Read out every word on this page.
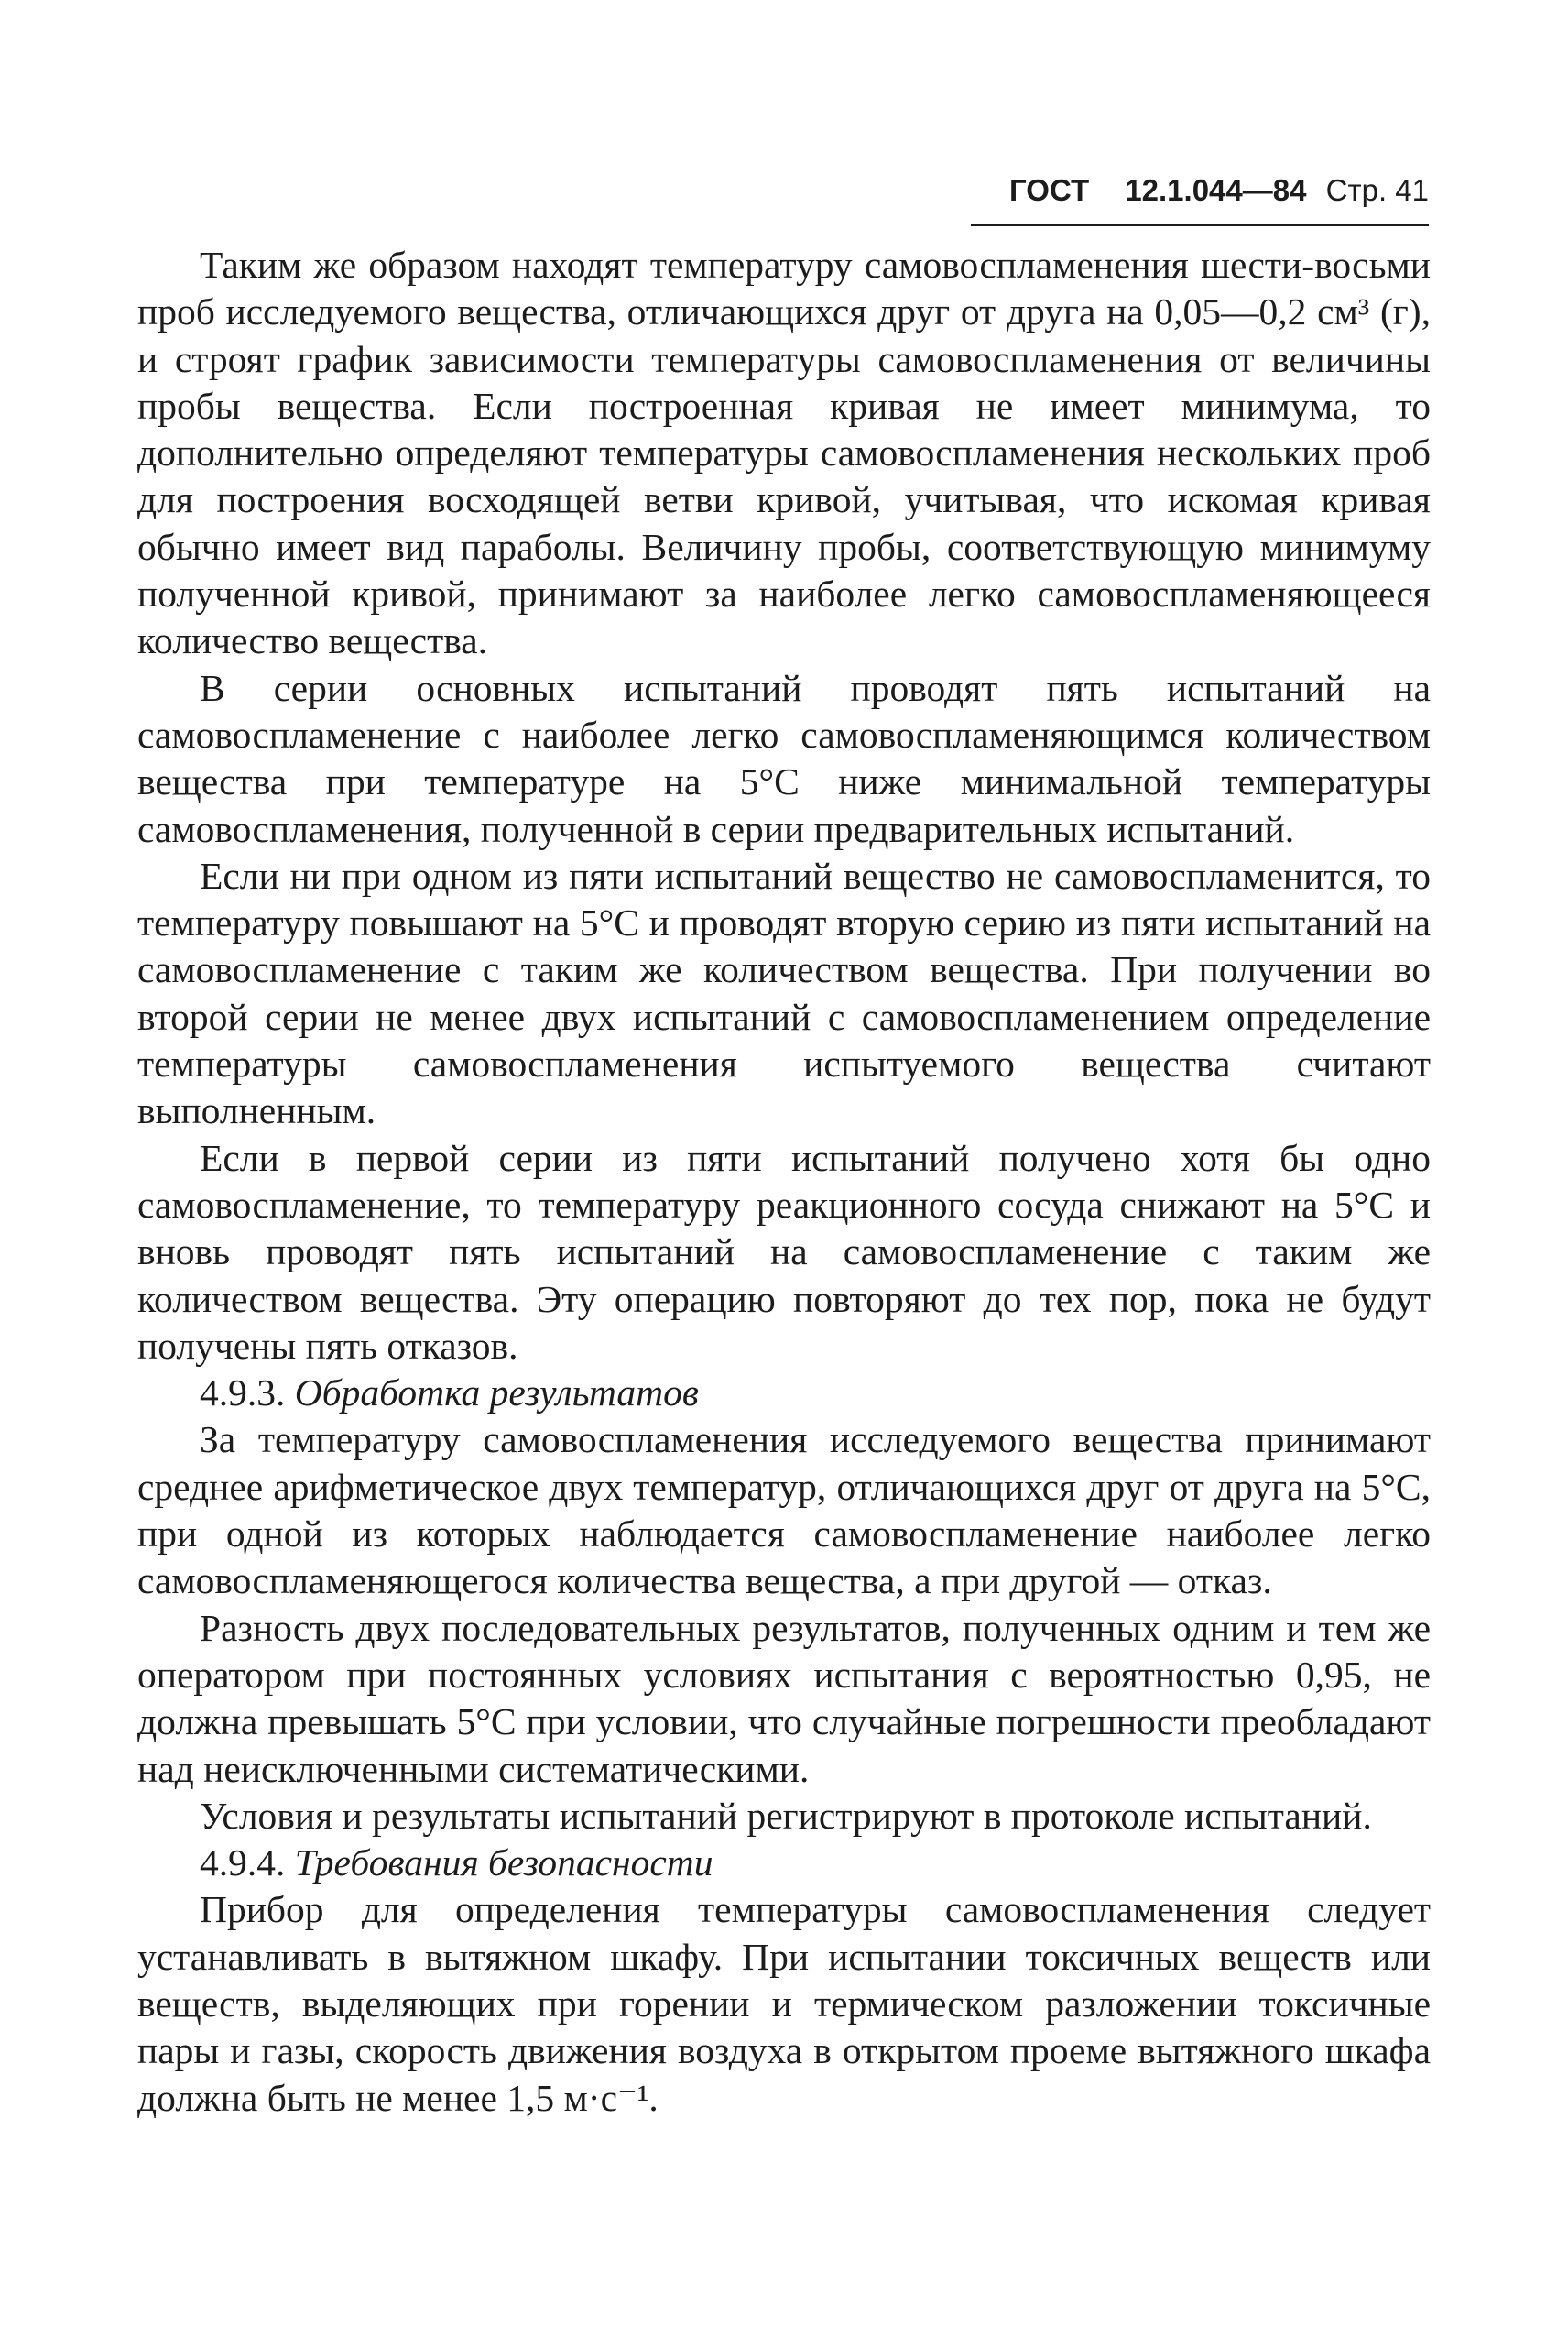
ГОСТ 12.1.044—84 Стр. 41

Таким же образом находят температуру самовоспламенения шести-восьми проб исследуемого вещества, отличающихся друг от друга на 0,05—0,2 см³ (г), и строят график зависимости температуры самовоспламенения от величины пробы вещества. Если построенная кривая не имеет минимума, то дополнительно определяют температуры самовоспламенения нескольких проб для построения восходящей ветви кривой, учитывая, что искомая кривая обычно имеет вид параболы. Величину пробы, соответствующую минимуму полученной кривой, принимают за наиболее легко самовоспламеняющееся количество вещества.

В серии основных испытаний проводят пять испытаний на самовоспламенение с наиболее легко самовоспламеняющимся количеством вещества при температуре на 5°С ниже минимальной температуры самовоспламенения, полученной в серии предварительных испытаний.

Если ни при одном из пяти испытаний вещество не самовоспламенится, то температуру повышают на 5°С и проводят вторую серию из пяти испытаний на самовоспламенение с таким же количеством вещества. При получении во второй серии не менее двух испытаний с самовоспламенением определение температуры самовоспламенения испытуемого вещества считают выполненным.

Если в первой серии из пяти испытаний получено хотя бы одно самовоспламенение, то температуру реакционного сосуда снижают на 5°С и вновь проводят пять испытаний на самовоспламенение с таким же количеством вещества. Эту операцию повторяют до тех пор, пока не будут получены пять отказов.

4.9.3. Обработка результатов

За температуру самовоспламенения исследуемого вещества принимают среднее арифметическое двух температур, отличающихся друг от друга на 5°С, при одной из которых наблюдается самовоспламенение наиболее легко самовоспламеняющегося количества вещества, а при другой — отказ.

Разность двух последовательных результатов, полученных одним и тем же оператором при постоянных условиях испытания с вероятностью 0,95, не должна превышать 5°С при условии, что случайные погрешности преобладают над неисключенными систематическими.

Условия и результаты испытаний регистрируют в протоколе испытаний.

4.9.4. Требования безопасности

Прибор для определения температуры самовоспламенения следует устанавливать в вытяжном шкафу. При испытании токсичных веществ или веществ, выделяющих при горении и термическом разложении токсичные пары и газы, скорость движения воздуха в открытом проеме вытяжного шкафа должна быть не менее 1,5 м·с⁻¹.
